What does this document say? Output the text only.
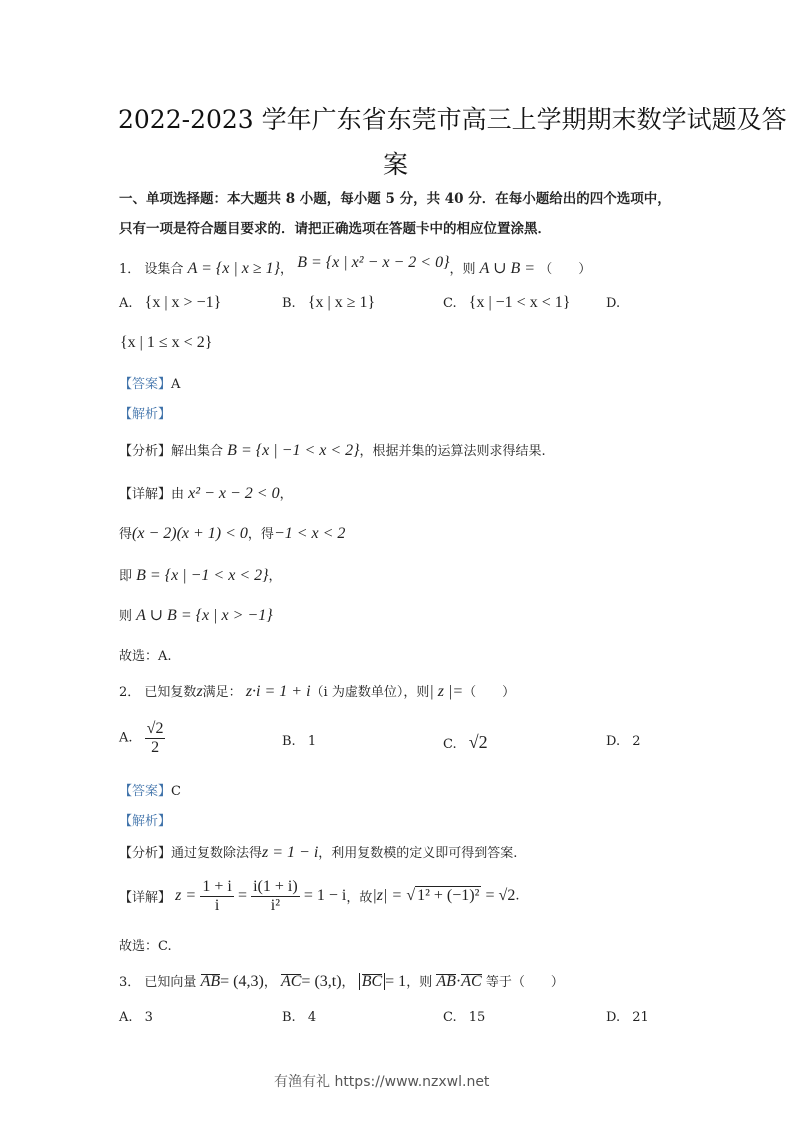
2022-2023 学年广东省东莞市高三上学期期末数学试题及答
案
一、单项选择题：本大题共 8 小题，每小题 5 分，共 40 分．在每小题给出的四个选项中，
只有一项是符合题目要求的．请把正确选项在答题卡中的相应位置涂黑．
1． 设集合 A = {x | x ≥ 1}， B = {x | x² − x − 2 < 0}，则 A ∪ B = （　　）
A. {x | x > −1}	B. {x | x ≥ 1}	C. {x | −1 < x < 1}	D.
{x | 1 ≤ x < 2}
【答案】A
【解析】
【分析】解出集合 B = {x | −1 < x < 2}，根据并集的运算法则求得结果.
【详解】由 x² − x − 2 < 0，
得(x − 2)(x + 1) < 0，得−1 < x < 2
即 B = {x | −1 < x < 2}，
则 A ∪ B = {x | x > −1}
故选：A.
2． 已知复数z满足： z·i = 1 + i（i 为虚数单位），则| z |=（　　）
A. $\frac{√2}{2}$	B. 1	C. √2	D. 2
【答案】C
【解析】
【分析】通过复数除法得z = 1 − i，利用复数模的定义即可得到答案.
【详解】 $z = \frac{1 + i}{i} = \frac{i(1 + i)}{\text{i²}} = 1 - i$，故|z| = √ 1² + (−1)² = √2.
故选：C.
3． 已知向量 AB= (4,3)， AC= (3,t)， BC = 1，则 AB·AC 等于（　　）
A. 3	B. 4	C. 15	D. 21
有渔有礼 https://www.nzxwl.net
